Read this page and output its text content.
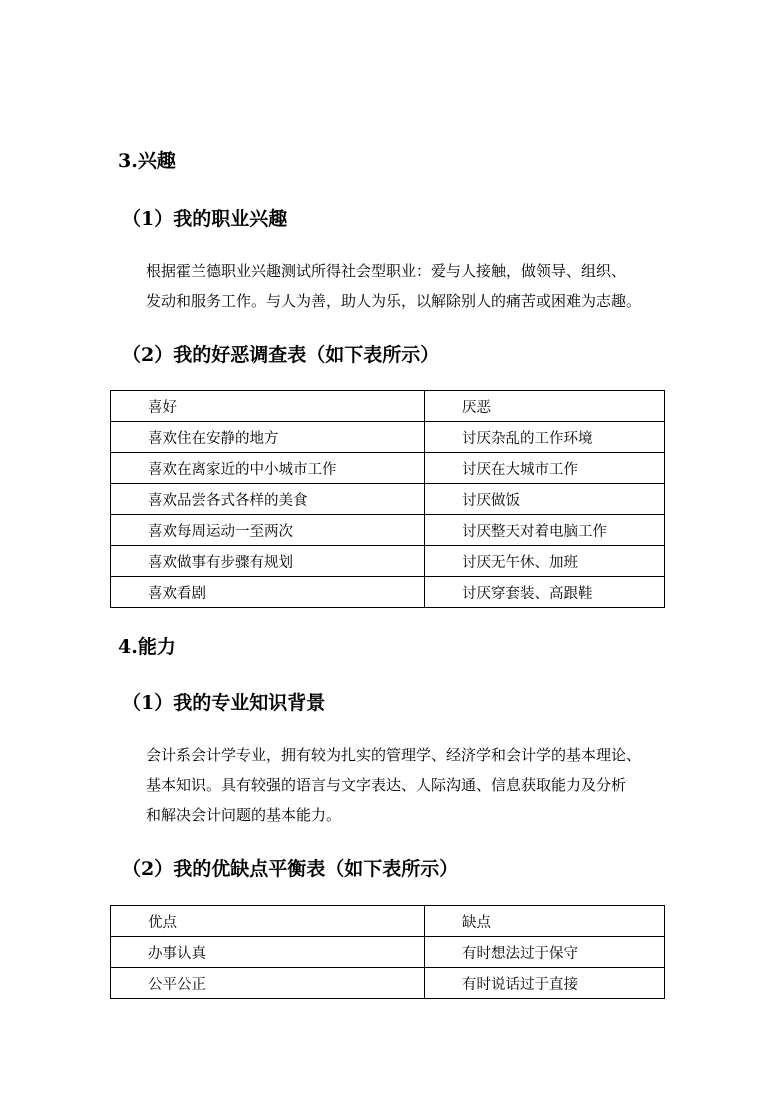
3.兴趣
（1）我的职业兴趣

根据霍兰德职业兴趣测试所得社会型职业：爱与人接触，做领导、组织、
发动和服务工作。与人为善，助人为乐，以解除别人的痛苦或困难为志趣。

（2）我的好恶调查表（如下表所示）
喜好	厌恶
喜欢住在安静的地方	讨厌杂乱的工作环境
喜欢在离家近的中小城市工作	讨厌在大城市工作
喜欢品尝各式各样的美食	讨厌做饭
喜欢每周运动一至两次	讨厌整天对着电脑工作
喜欢做事有步骤有规划	讨厌无午休、加班
喜欢看剧	讨厌穿套装、高跟鞋
4.能力
（1）我的专业知识背景

会计系会计学专业，拥有较为扎实的管理学、经济学和会计学的基本理论、
基本知识。具有较强的语言与文字表达、人际沟通、信息获取能力及分析
和解决会计问题的基本能力。

（2）我的优缺点平衡表（如下表所示）
优点	缺点
办事认真	有时想法过于保守
公平公正	有时说话过于直接
